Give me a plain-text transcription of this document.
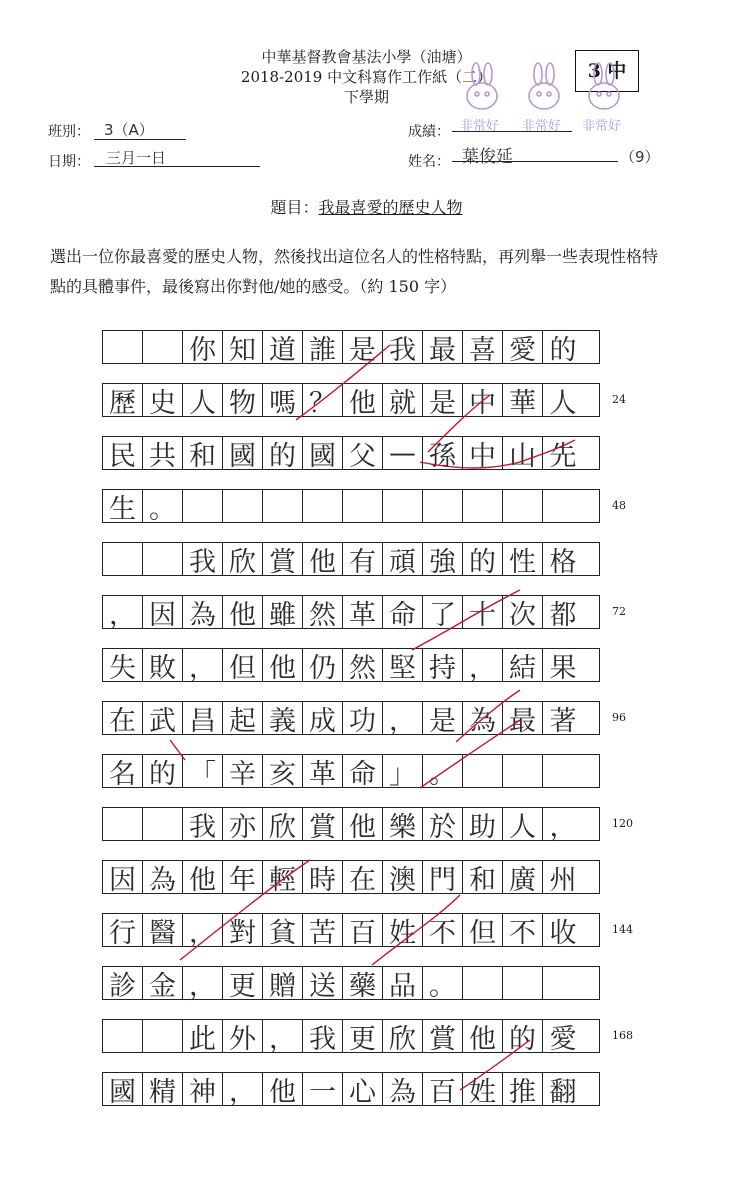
中華基督教會基法小學（油塘）
2018-2019 中文科寫作工作紙（二）
下學期
3 中
非常好 非常好 非常好
班別： 3（A）
日期： 三月一日
成績：
姓名： 葉俊延	（9）
題目：我最喜愛的歷史人物
選出一位你最喜愛的歷史人物，然後找出這位名人的性格特點，再列舉一些表現性格特點的具體事件，最後寫出你對他/她的感受。（約 150 字）
你 知 道 誰 是 我 最 喜 愛 的
歷 史 人 物 嗎 ？ 他 就 是 中 華 人
民 共 和 國 的 國 父 — 孫 中 山 先
生 。
我 欣 賞 他 有 頑 強 的 性 格
， 因 為 他 雖 然 革 命 了 十 次 都
失 敗 ， 但 他 仍 然 堅 持 ， 結 果
在 武 昌 起 義 成 功 ， 是 為 最 著
名 的 「 辛 亥 革 命 」 。
我 亦 欣 賞 他 樂 於 助 人 ，
因 為 他 年 輕 時 在 澳 門 和 廣 州
行 醫 ， 對 貧 苦 百 姓 不 但 不 收
診 金 ， 更 贈 送 藥 品 。
此 外 ， 我 更 欣 賞 他 的 愛
國 精 神 ， 他 一 心 為 百 姓 推 翻
24
48
72
96
120
144
168
